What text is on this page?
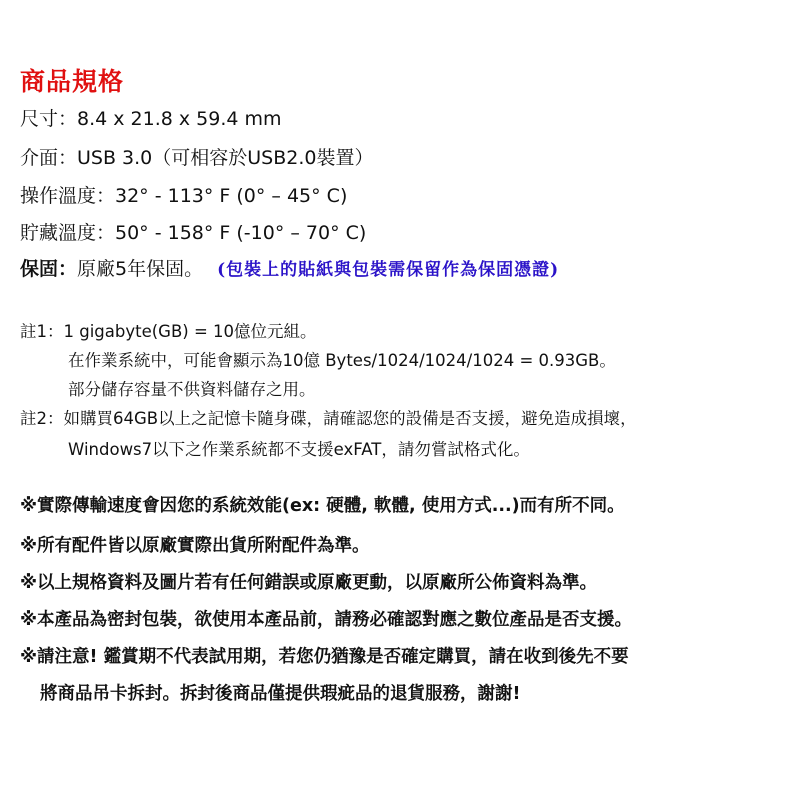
商品規格
尺寸：8.4 x 21.8 x 59.4 mm
介面：USB 3.0（可相容於USB2.0裝置）
操作溫度：32° - 113° F (0° – 45° C)
貯藏溫度：50° - 158° F (-10° – 70° C)
保固：原廠5年保固。 (包裝上的貼紙與包裝需保留作為保固憑證)
註1：1 gigabyte(GB) = 10億位元組。
在作業系統中，可能會顯示為10億 Bytes/1024/1024/1024 = 0.93GB。
部分儲存容量不供資料儲存之用。
註2：如購買64GB以上之記憶卡隨身碟，請確認您的設備是否支援，避免造成損壞，
Windows7以下之作業系統都不支援exFAT，請勿嘗試格式化。
※實際傳輸速度會因您的系統效能(ex: 硬體, 軟體, 使用方式...)而有所不同。
※所有配件皆以原廠實際出貨所附配件為準。
※以上規格資料及圖片若有任何錯誤或原廠更動，以原廠所公佈資料為準。
※本產品為密封包裝，欲使用本產品前，請務必確認對應之數位產品是否支援。
※請注意! 鑑賞期不代表試用期，若您仍猶豫是否確定購買，請在收到後先不要
將商品吊卡拆封。拆封後商品僅提供瑕疵品的退貨服務，謝謝!
